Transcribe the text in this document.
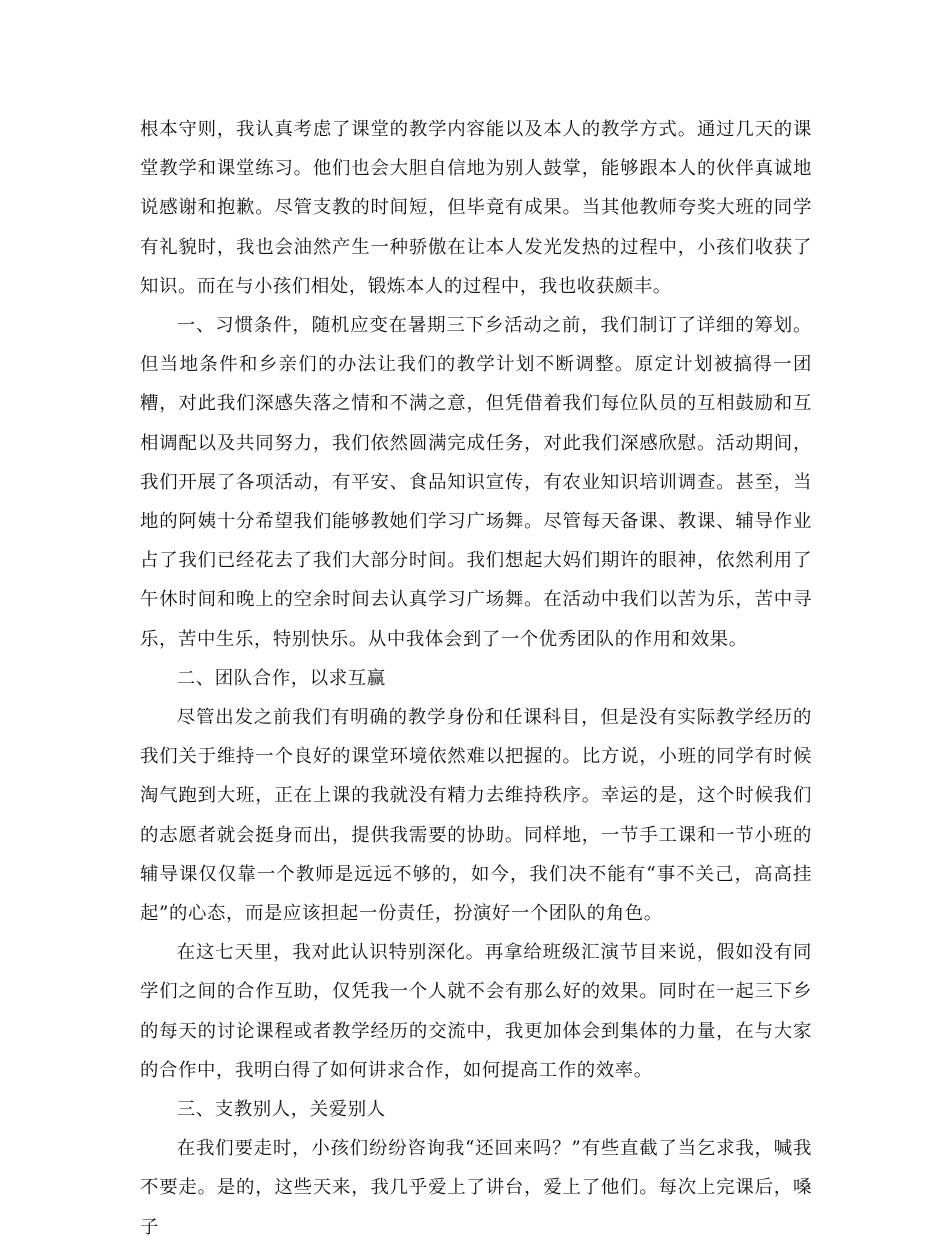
根本守则，我认真考虑了课堂的教学内容能以及本人的教学方式。通过几天的课堂教学和课堂练习。他们也会大胆自信地为别人鼓掌，能够跟本人的伙伴真诚地说感谢和抱歉。尽管支教的时间短，但毕竟有成果。当其他教师夸奖大班的同学有礼貌时，我也会油然产生一种骄傲在让本人发光发热的过程中，小孩们收获了知识。而在与小孩们相处，锻炼本人的过程中，我也收获颇丰。

一、习惯条件，随机应变在暑期三下乡活动之前，我们制订了详细的筹划。但当地条件和乡亲们的办法让我们的教学计划不断调整。原定计划被搞得一团糟，对此我们深感失落之情和不满之意，但凭借着我们每位队员的互相鼓励和互相调配以及共同努力，我们依然圆满完成任务，对此我们深感欣慰。活动期间，我们开展了各项活动，有平安、食品知识宣传，有农业知识培训调查。甚至，当地的阿姨十分希望我们能够教她们学习广场舞。尽管每天备课、教课、辅导作业占了我们已经花去了我们大部分时间。我们想起大妈们期许的眼神，依然利用了午休时间和晚上的空余时间去认真学习广场舞。在活动中我们以苦为乐，苦中寻乐，苦中生乐，特别快乐。从中我体会到了一个优秀团队的作用和效果。

二、团队合作，以求互赢

尽管出发之前我们有明确的教学身份和任课科目，但是没有实际教学经历的我们关于维持一个良好的课堂环境依然难以把握的。比方说，小班的同学有时候淘气跑到大班，正在上课的我就没有精力去维持秩序。幸运的是，这个时候我们的志愿者就会挺身而出，提供我需要的协助。同样地，一节手工课和一节小班的辅导课仅仅靠一个教师是远远不够的，如今，我们决不能有“事不关己，高高挂起”的心态，而是应该担起一份责任，扮演好一个团队的角色。

在这七天里，我对此认识特别深化。再拿给班级汇演节目来说，假如没有同学们之间的合作互助，仅凭我一个人就不会有那么好的效果。同时在一起三下乡的每天的讨论课程或者教学经历的交流中，我更加体会到集体的力量，在与大家的合作中，我明白得了如何讲求合作，如何提高工作的效率。

三、支教别人，关爱别人

在我们要走时，小孩们纷纷咨询我“还回来吗？”有些直截了当乞求我，喊我不要走。是的，这些天来，我几乎爱上了讲台，爱上了他们。每次上完课后，嗓子
